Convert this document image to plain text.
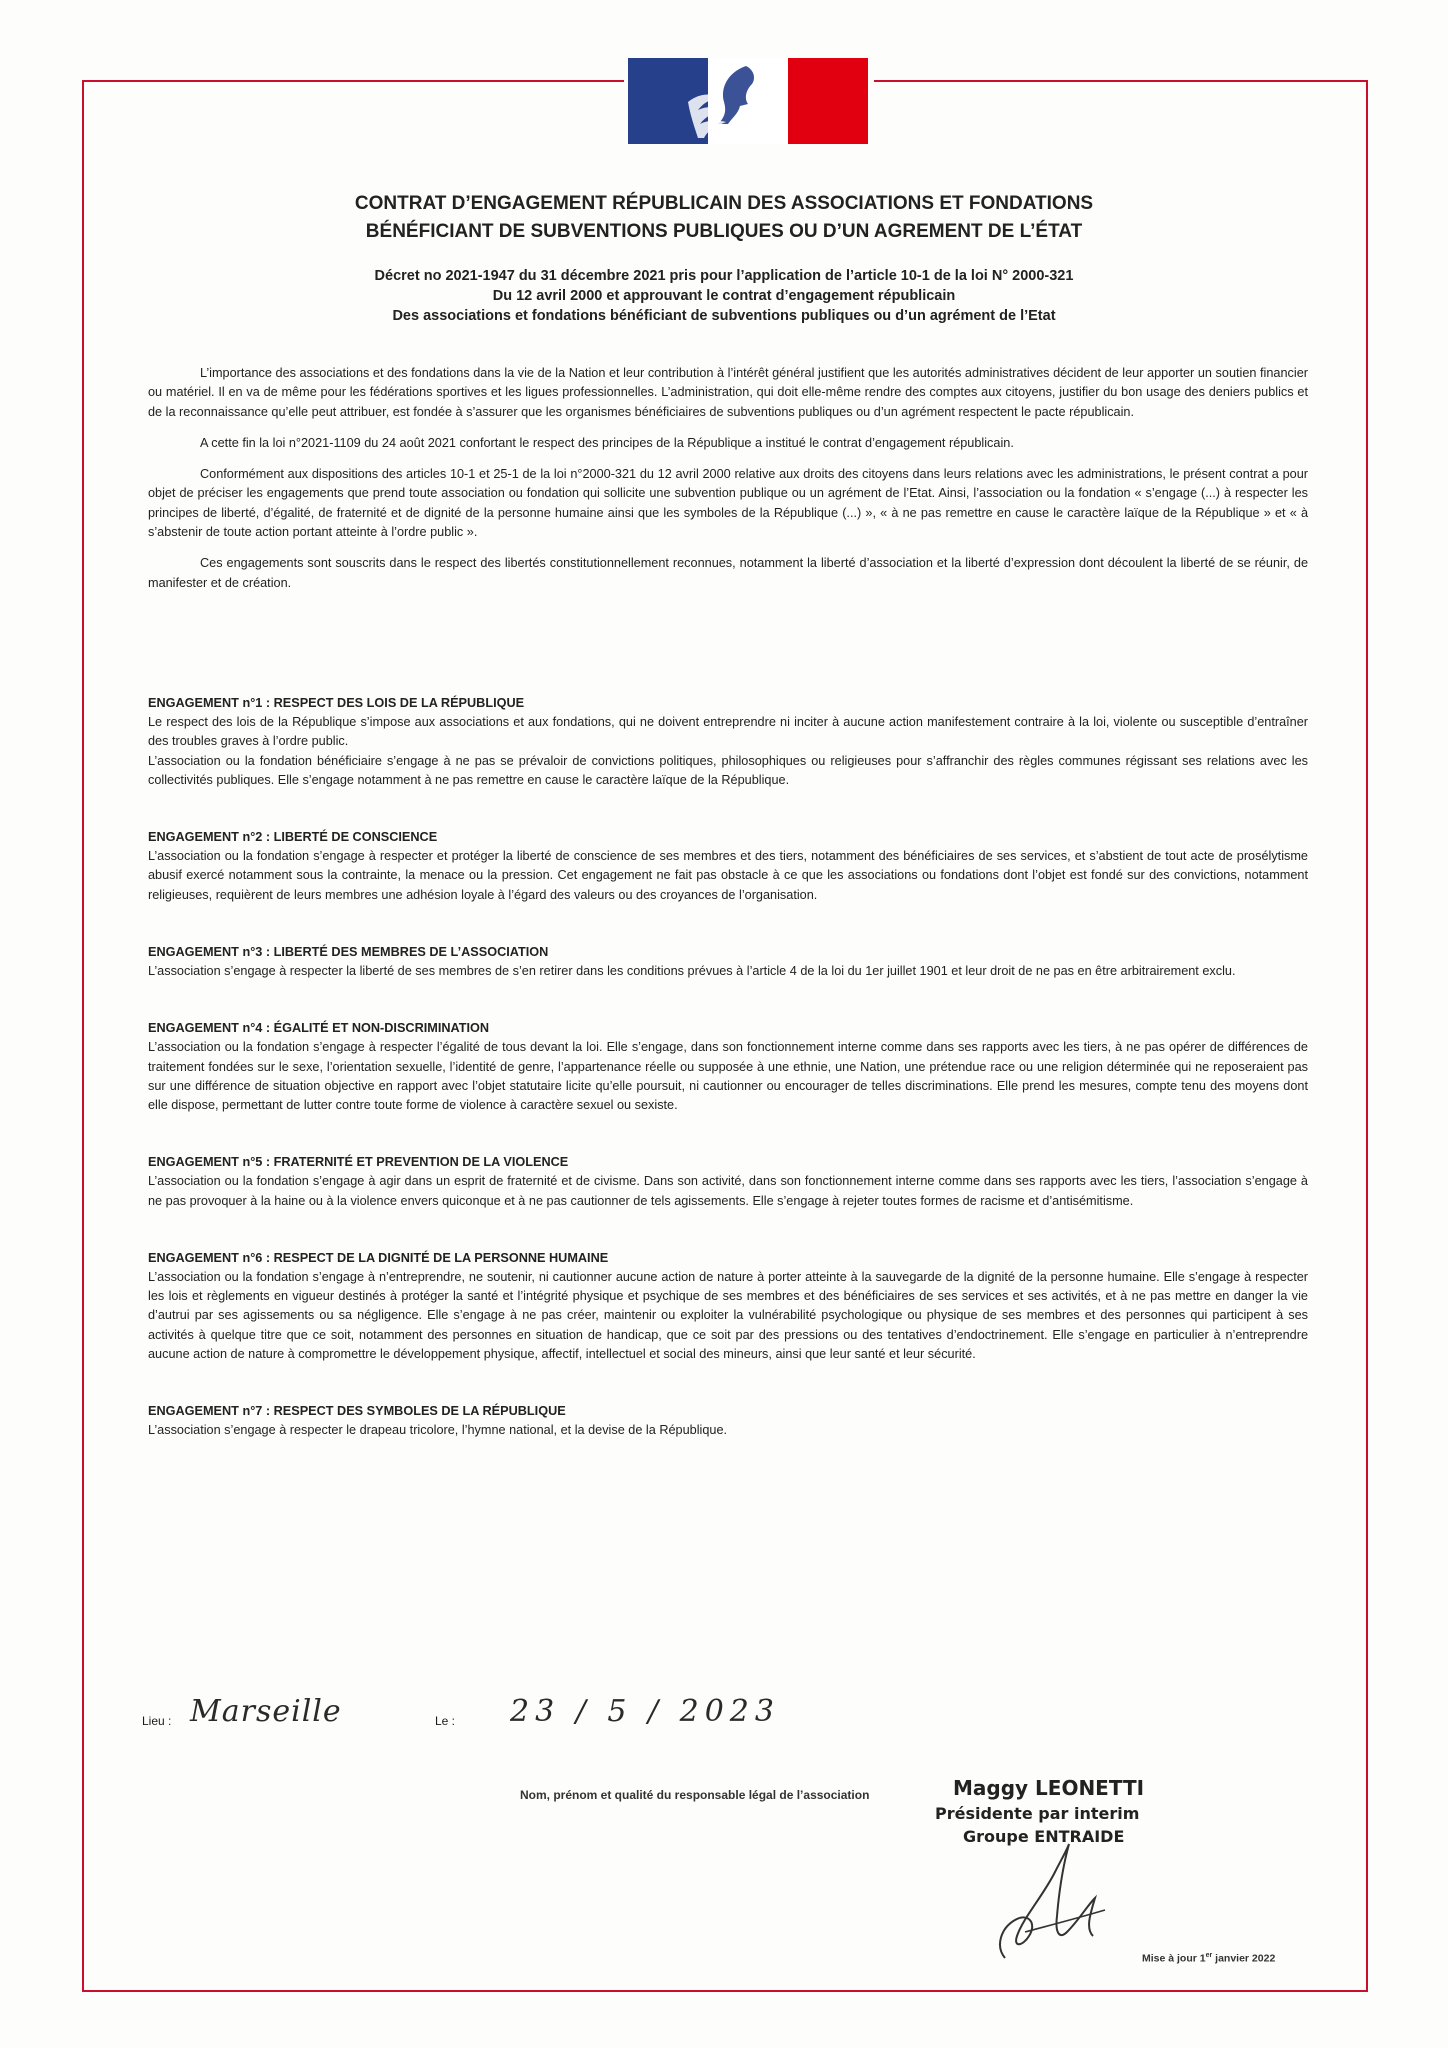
CONTRAT D’ENGAGEMENT RÉPUBLICAIN DES ASSOCIATIONS ET FONDATIONS
BÉNÉFICIANT DE SUBVENTIONS PUBLIQUES OU D’UN AGREMENT DE L’ÉTAT
Décret no 2021-1947 du 31 décembre 2021 pris pour l’application de l’article 10-1 de la loi N° 2000-321
Du 12 avril 2000 et approuvant le contrat d’engagement républicain
Des associations et fondations bénéficiant de subventions publiques ou d’un agrément de l’Etat

L’importance des associations et des fondations dans la vie de la Nation et leur contribution à l’intérêt général justifient que les autorités administratives décident de leur apporter un soutien financier ou matériel. Il en va de même pour les fédérations sportives et les ligues professionnelles. L’administration, qui doit elle-même rendre des comptes aux citoyens, justifier du bon usage des deniers publics et de la reconnaissance qu’elle peut attribuer, est fondée à s’assurer que les organismes bénéficiaires de subventions publiques ou d’un agrément respectent le pacte républicain.

A cette fin la loi n°2021-1109 du 24 août 2021 confortant le respect des principes de la République a institué le contrat d’engagement républicain.

Conformément aux dispositions des articles 10-1 et 25-1 de la loi n°2000-321 du 12 avril 2000 relative aux droits des citoyens dans leurs relations avec les administrations, le présent contrat a pour objet de préciser les engagements que prend toute association ou fondation qui sollicite une subvention publique ou un agrément de l’Etat. Ainsi, l’association ou la fondation « s’engage (...) à respecter les principes de liberté, d’égalité, de fraternité et de dignité de la personne humaine ainsi que les symboles de la République (...) », « à ne pas remettre en cause le caractère laïque de la République » et « à s’abstenir de toute action portant atteinte à l’ordre public ».

Ces engagements sont souscrits dans le respect des libertés constitutionnellement reconnues, notamment la liberté d’association et la liberté d’expression dont découlent la liberté de se réunir, de manifester et de création.

ENGAGEMENT n°1 : RESPECT DES LOIS DE LA RÉPUBLIQUE

Le respect des lois de la République s’impose aux associations et aux fondations, qui ne doivent entreprendre ni inciter à aucune action manifestement contraire à la loi, violente ou susceptible d’entraîner des troubles graves à l’ordre public.

L’association ou la fondation bénéficiaire s’engage à ne pas se prévaloir de convictions politiques, philosophiques ou religieuses pour s’affranchir des règles communes régissant ses relations avec les collectivités publiques. Elle s’engage notamment à ne pas remettre en cause le caractère laïque de la République.

ENGAGEMENT n°2 : LIBERTÉ DE CONSCIENCE

L’association ou la fondation s’engage à respecter et protéger la liberté de conscience de ses membres et des tiers, notamment des bénéficiaires de ses services, et s’abstient de tout acte de prosélytisme abusif exercé notamment sous la contrainte, la menace ou la pression. Cet engagement ne fait pas obstacle à ce que les associations ou fondations dont l’objet est fondé sur des convictions, notamment religieuses, requièrent de leurs membres une adhésion loyale à l’égard des valeurs ou des croyances de l’organisation.

ENGAGEMENT n°3 : LIBERTÉ DES MEMBRES DE L’ASSOCIATION

L’association s’engage à respecter la liberté de ses membres de s’en retirer dans les conditions prévues à l’article 4 de la loi du 1er juillet 1901 et leur droit de ne pas en être arbitrairement exclu.

ENGAGEMENT n°4 : ÉGALITÉ ET NON-DISCRIMINATION

L’association ou la fondation s’engage à respecter l’égalité de tous devant la loi. Elle s’engage, dans son fonctionnement interne comme dans ses rapports avec les tiers, à ne pas opérer de différences de traitement fondées sur le sexe, l’orientation sexuelle, l’identité de genre, l’appartenance réelle ou supposée à une ethnie, une Nation, une prétendue race ou une religion déterminée qui ne reposeraient pas sur une différence de situation objective en rapport avec l’objet statutaire licite qu’elle poursuit, ni cautionner ou encourager de telles discriminations. Elle prend les mesures, compte tenu des moyens dont elle dispose, permettant de lutter contre toute forme de violence à caractère sexuel ou sexiste.

ENGAGEMENT n°5 : FRATERNITÉ ET PREVENTION DE LA VIOLENCE

L’association ou la fondation s’engage à agir dans un esprit de fraternité et de civisme. Dans son activité, dans son fonctionnement interne comme dans ses rapports avec les tiers, l’association s’engage à ne pas provoquer à la haine ou à la violence envers quiconque et à ne pas cautionner de tels agissements. Elle s’engage à rejeter toutes formes de racisme et d’antisémitisme.

ENGAGEMENT n°6 : RESPECT DE LA DIGNITÉ DE LA PERSONNE HUMAINE

L’association ou la fondation s’engage à n’entreprendre, ne soutenir, ni cautionner aucune action de nature à porter atteinte à la sauvegarde de la dignité de la personne humaine. Elle s’engage à respecter les lois et règlements en vigueur destinés à protéger la santé et l’intégrité physique et psychique de ses membres et des bénéficiaires de ses services et ses activités, et à ne pas mettre en danger la vie d’autrui par ses agissements ou sa négligence. Elle s’engage à ne pas créer, maintenir ou exploiter la vulnérabilité psychologique ou physique de ses membres et des personnes qui participent à ses activités à quelque titre que ce soit, notamment des personnes en situation de handicap, que ce soit par des pressions ou des tentatives d’endoctrinement. Elle s’engage en particulier à n’entreprendre aucune action de nature à compromettre le développement physique, affectif, intellectuel et social des mineurs, ainsi que leur santé et leur sécurité.

ENGAGEMENT n°7 : RESPECT DES SYMBOLES DE LA RÉPUBLIQUE

L’association s’engage à respecter le drapeau tricolore, l’hymne national, et la devise de la République.

Lieu : Marseille	Le : 23 / 5 / 2023
Nom, prénom et qualité du responsable légal de l’association	Maggy LEONETTI
Présidente par interim
Groupe ENTRAIDE
Mise à jour 1er janvier 2022
